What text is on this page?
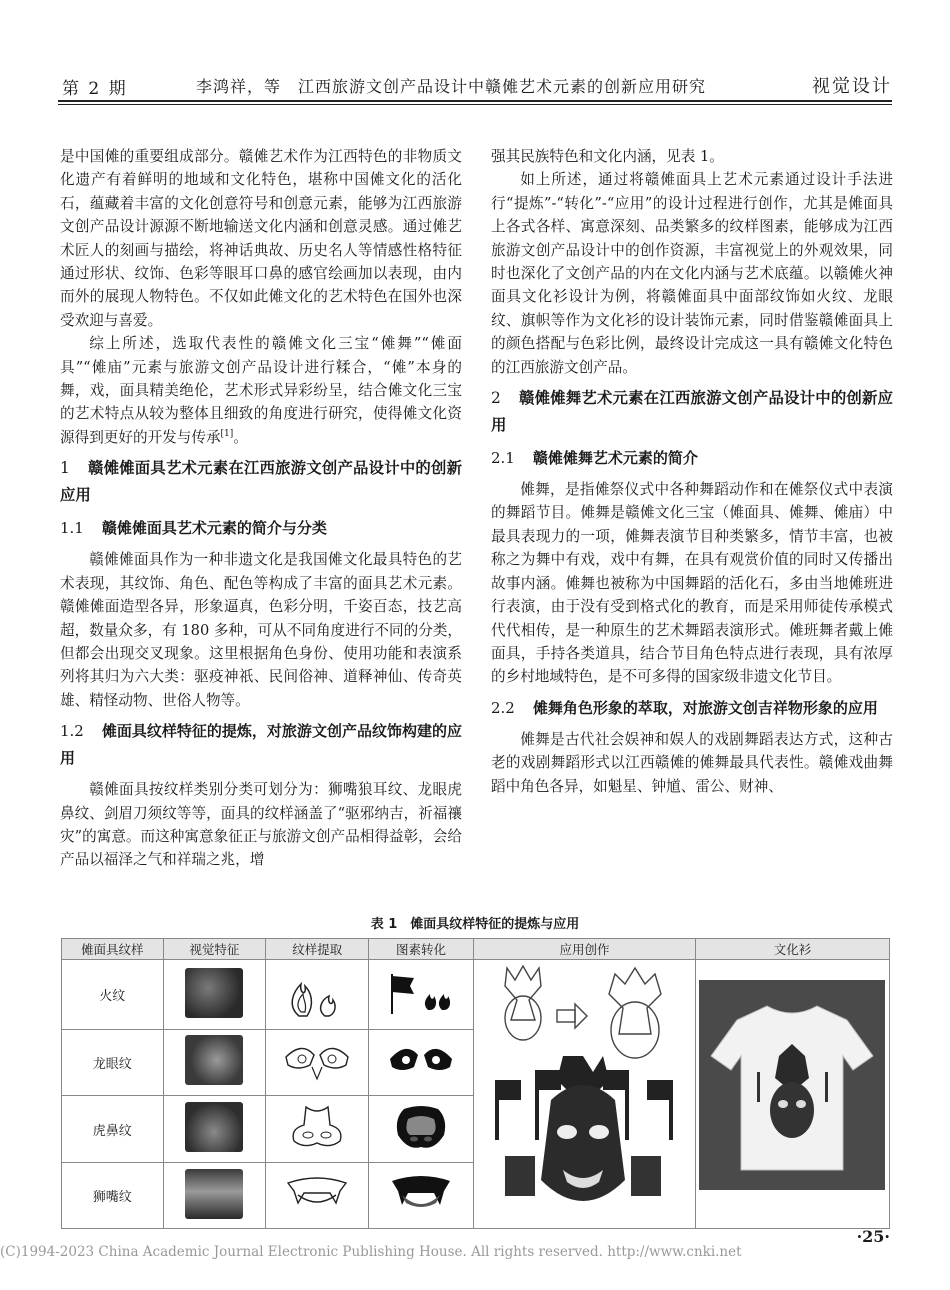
第 2 期	李鸿祥，等　江西旅游文创产品设计中赣傩艺术元素的创新应用研究	视觉设计

是中国傩的重要组成部分。赣傩艺术作为江西特色的非物质文化遗产有着鲜明的地域和文化特色，堪称中国傩文化的活化石，蕴藏着丰富的文化创意符号和创意元素，能够为江西旅游文创产品设计源源不断地输送文化内涵和创意灵感。通过傩艺术匠人的刻画与描绘，将神话典故、历史名人等情感性格特征通过形状、纹饰、色彩等眼耳口鼻的感官绘画加以表现，由内而外的展现人物特色。不仅如此傩文化的艺术特色在国外也深受欢迎与喜爱。

综上所述，选取代表性的赣傩文化三宝“傩舞”“傩面具”“傩庙”元素与旅游文创产品设计进行糅合，“傩”本身的舞，戏，面具精美绝伦，艺术形式异彩纷呈，结合傩文化三宝的艺术特点从较为整体且细致的角度进行研究，使得傩文化资源得到更好的开发与传承[1]。

1 赣傩傩面具艺术元素在江西旅游文创产品设计中的创新应用
1.1 赣傩傩面具艺术元素的简介与分类

赣傩傩面具作为一种非遗文化是我国傩文化最具特色的艺术表现，其纹饰、角色、配色等构成了丰富的面具艺术元素。赣傩傩面造型各异，形象逼真，色彩分明，千姿百态，技艺高超，数量众多，有 180 多种，可从不同角度进行不同的分类，但都会出现交叉现象。这里根据角色身份、使用功能和表演系列将其归为六大类：驱疫神祇、民间俗神、道释神仙、传奇英雄、精怪动物、世俗人物等。

1.2 傩面具纹样特征的提炼，对旅游文创产品纹饰构建的应用

赣傩面具按纹样类别分类可划分为：狮嘴狼耳纹、龙眼虎鼻纹、剑眉刀须纹等等，面具的纹样涵盖了“驱邪纳吉，祈福禳灾”的寓意。而这种寓意象征正与旅游文创产品相得益彰，会给产品以福泽之气和祥瑞之兆，增

强其民族特色和文化内涵，见表 1。

如上所述，通过将赣傩面具上艺术元素通过设计手法进行“提炼”-“转化”-“应用”的设计过程进行创作，尤其是傩面具上各式各样、寓意深刻、品类繁多的纹样图素，能够成为江西旅游文创产品设计中的创作资源，丰富视觉上的外观效果，同时也深化了文创产品的内在文化内涵与艺术底蕴。以赣傩火神面具文化衫设计为例，将赣傩面具中面部纹饰如火纹、龙眼纹、旗帜等作为文化衫的设计装饰元素，同时借鉴赣傩面具上的颜色搭配与色彩比例，最终设计完成这一具有赣傩文化特色的江西旅游文创产品。

2 赣傩傩舞艺术元素在江西旅游文创产品设计中的创新应用
2.1 赣傩傩舞艺术元素的简介

傩舞，是指傩祭仪式中各种舞蹈动作和在傩祭仪式中表演的舞蹈节目。傩舞是赣傩文化三宝（傩面具、傩舞、傩庙）中最具表现力的一项，傩舞表演节目种类繁多，情节丰富，也被称之为舞中有戏，戏中有舞，在具有观赏价值的同时又传播出故事内涵。傩舞也被称为中国舞蹈的活化石，多由当地傩班进行表演，由于没有受到格式化的教育，而是采用师徒传承模式代代相传，是一种原生的艺术舞蹈表演形式。傩班舞者戴上傩面具，手持各类道具，结合节目角色特点进行表现，具有浓厚的乡村地域特色，是不可多得的国家级非遗文化节目。

2.2 傩舞角色形象的萃取，对旅游文创吉祥物形象的应用

傩舞是古代社会娱神和娱人的戏剧舞蹈表达方式，这种古老的戏剧舞蹈形式以江西赣傩的傩舞最具代表性。赣傩戏曲舞蹈中角色各异，如魁星、钟馗、雷公、财神、

表 1　傩面具纹样特征的提炼与应用
傩面具纹样	视觉特征	纹样提取	图素转化	应用创作	文化衫
火纹					
龙眼纹			
虎鼻纹			
狮嘴纹			
(C)1994-2023 China Academic Journal Electronic Publishing House. All rights reserved. http://www.cnki.net
·25·
